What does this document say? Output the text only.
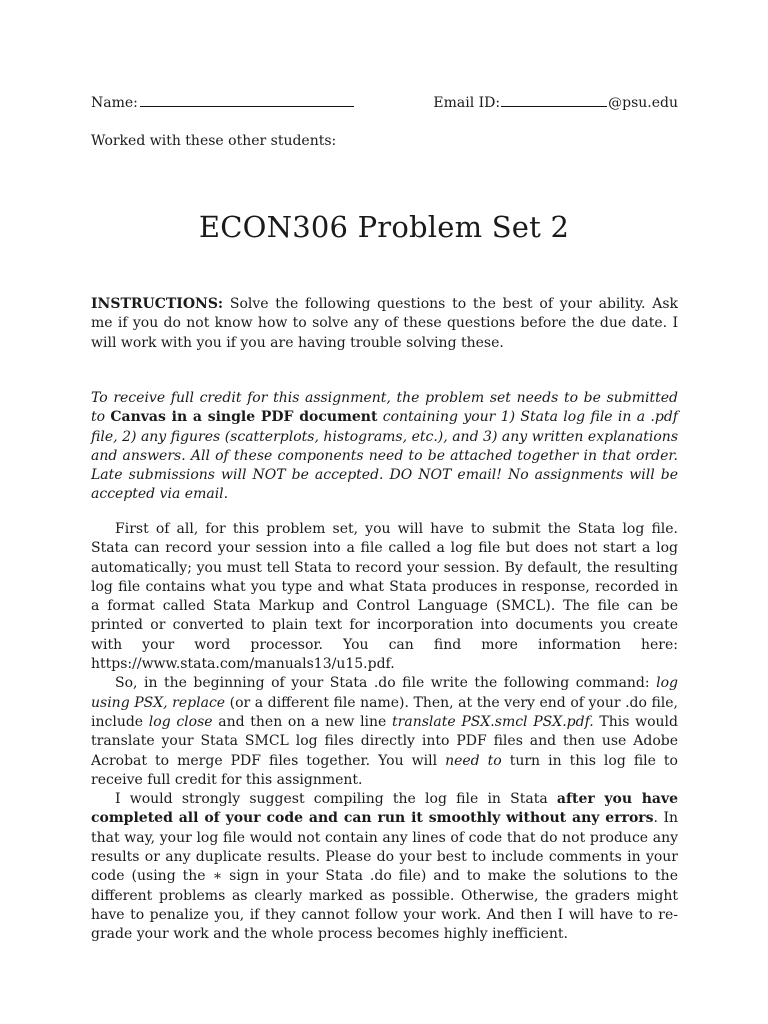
Name:	Email ID:	@psu.edu
Worked with these other students:
ECON306 Problem Set 2

INSTRUCTIONS: Solve the following questions to the best of your ability. Ask me if you do not know how to solve any of these questions before the due date. I will work with you if you are having trouble solving these.

To receive full credit for this assignment, the problem set needs to be submitted to Canvas in a single PDF document containing your 1) Stata log file in a .pdf file, 2) any figures (scatterplots, histograms, etc.), and 3) any written explanations and answers. All of these components need to be attached together in that order. Late submissions will NOT be accepted. DO NOT email! No assignments will be accepted via email.

First of all, for this problem set, you will have to submit the Stata log file. Stata can record your session into a file called a log file but does not start a log automatically; you must tell Stata to record your session. By default, the resulting log file contains what you type and what Stata produces in response, recorded in a format called Stata Markup and Control Language (SMCL). The file can be printed or converted to plain text for incorporation into documents you create with your word processor. You can find more information here: https://www.stata.com/manuals13/u15.pdf.

So, in the beginning of your Stata .do file write the following command: log using PSX, replace (or a different file name). Then, at the very end of your .do file, include log close and then on a new line translate PSX.smcl PSX.pdf. This would translate your Stata SMCL log files directly into PDF files and then use Adobe Acrobat to merge PDF files together. You will need to turn in this log file to receive full credit for this assignment.

I would strongly suggest compiling the log file in Stata after you have completed all of your code and can run it smoothly without any errors. In that way, your log file would not contain any lines of code that do not produce any results or any duplicate results. Please do your best to include comments in your code (using the ∗ sign in your Stata .do file) and to make the solutions to the different problems as clearly marked as possible. Otherwise, the graders might have to penalize you, if they cannot follow your work. And then I will have to re-grade your work and the whole process becomes highly inefficient.
